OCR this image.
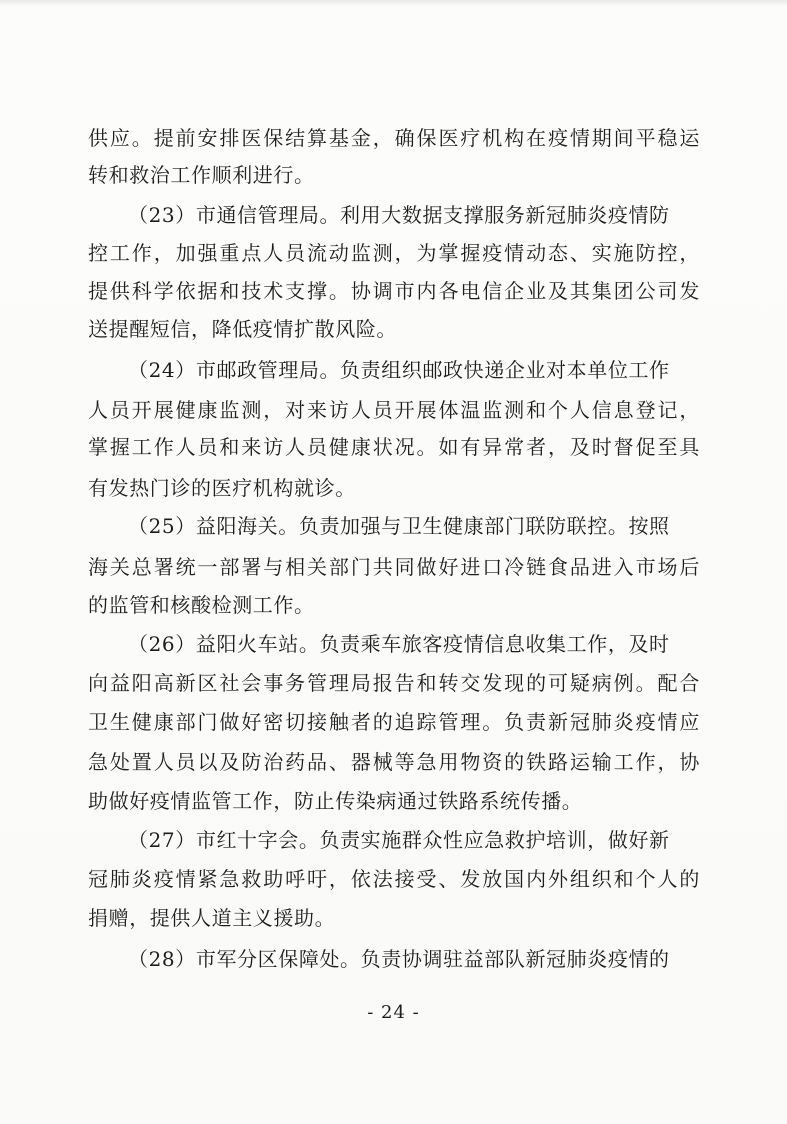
供应。提前安排医保结算基金，确保医疗机构在疫情期间平稳运
转和救治工作顺利进行。
（23）市通信管理局。利用大数据支撑服务新冠肺炎疫情防
控工作，加强重点人员流动监测，为掌握疫情动态、实施防控，
提供科学依据和技术支撑。协调市内各电信企业及其集团公司发
送提醒短信，降低疫情扩散风险。
（24）市邮政管理局。负责组织邮政快递企业对本单位工作
人员开展健康监测，对来访人员开展体温监测和个人信息登记，
掌握工作人员和来访人员健康状况。如有异常者，及时督促至具
有发热门诊的医疗机构就诊。
（25）益阳海关。负责加强与卫生健康部门联防联控。按照
海关总署统一部署与相关部门共同做好进口冷链食品进入市场后
的监管和核酸检测工作。
（26）益阳火车站。负责乘车旅客疫情信息收集工作，及时
向益阳高新区社会事务管理局报告和转交发现的可疑病例。配合
卫生健康部门做好密切接触者的追踪管理。负责新冠肺炎疫情应
急处置人员以及防治药品、器械等急用物资的铁路运输工作，协
助做好疫情监管工作，防止传染病通过铁路系统传播。
（27）市红十字会。负责实施群众性应急救护培训，做好新
冠肺炎疫情紧急救助呼吁，依法接受、发放国内外组织和个人的
捐赠，提供人道主义援助。
（28）市军分区保障处。负责协调驻益部队新冠肺炎疫情的
- 24 -
